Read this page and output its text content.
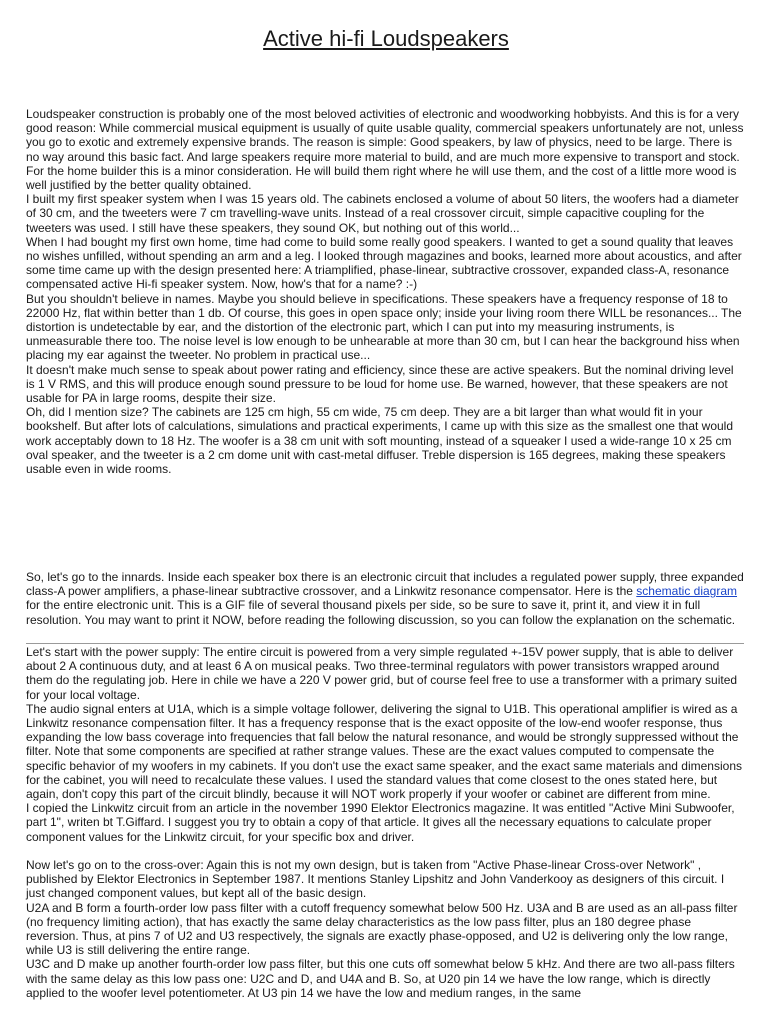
Active hi-fi Loudspeakers

Loudspeaker construction is probably one of the most beloved activities of electronic and woodworking hobbyists. And this is for a very good reason: While commercial musical equipment is usually of quite usable quality, commercial speakers unfortunately are not, unless you go to exotic and extremely expensive brands. The reason is simple: Good speakers, by law of physics, need to be large. There is no way around this basic fact. And large speakers require more material to build, and are much more expensive to transport and stock.

For the home builder this is a minor consideration. He will build them right where he will use them, and the cost of a little more wood is well justified by the better quality obtained.

I built my first speaker system when I was 15 years old. The cabinets enclosed a volume of about 50 liters, the woofers had a diameter of 30 cm, and the tweeters were 7 cm travelling-wave units. Instead of a real crossover circuit, simple capacitive coupling for the tweeters was used. I still have these speakers, they sound OK, but nothing out of this world...

When I had bought my first own home, time had come to build some really good speakers. I wanted to get a sound quality that leaves no wishes unfilled, without spending an arm and a leg. I looked through magazines and books, learned more about acoustics, and after some time came up with the design presented here: A triamplified, phase-linear, subtractive crossover, expanded class-A, resonance compensated active Hi-fi speaker system. Now, how's that for a name? :-)

But you shouldn't believe in names. Maybe you should believe in specifications. These speakers have a frequency response of 18 to 22000 Hz, flat within better than 1 db. Of course, this goes in open space only; inside your living room there WILL be resonances... The distortion is undetectable by ear, and the distortion of the electronic part, which I can put into my measuring instruments, is unmeasurable there too. The noise level is low enough to be unhearable at more than 30 cm, but I can hear the background hiss when placing my ear against the tweeter. No problem in practical use...

It doesn't make much sense to speak about power rating and efficiency, since these are active speakers. But the nominal driving level is 1 V RMS, and this will produce enough sound pressure to be loud for home use. Be warned, however, that these speakers are not usable for PA in large rooms, despite their size.

Oh, did I mention size? The cabinets are 125 cm high, 55 cm wide, 75 cm deep. They are a bit larger than what would fit in your bookshelf. But after lots of calculations, simulations and practical experiments, I came up with this size as the smallest one that would work acceptably down to 18 Hz. The woofer is a 38 cm unit with soft mounting, instead of a squeaker I used a wide-range 10 x 25 cm oval speaker, and the tweeter is a 2 cm dome unit with cast-metal diffuser. Treble dispersion is 165 degrees, making these speakers usable even in wide rooms.

So, let's go to the innards. Inside each speaker box there is an electronic circuit that includes a regulated power supply, three expanded class-A power amplifiers, a phase-linear subtractive crossover, and a Linkwitz resonance compensator. Here is the schematic diagram for the entire electronic unit. This is a GIF file of several thousand pixels per side, so be sure to save it, print it, and view it in full resolution. You may want to print it NOW, before reading the following discussion, so you can follow the explanation on the schematic.

Let's start with the power supply: The entire circuit is powered from a very simple regulated +-15V power supply, that is able to deliver about 2 A continuous duty, and at least 6 A on musical peaks. Two three-terminal regulators with power transistors wrapped around them do the regulating job. Here in chile we have a 220 V power grid, but of course feel free to use a transformer with a primary suited for your local voltage.

The audio signal enters at U1A, which is a simple voltage follower, delivering the signal to U1B. This operational amplifier is wired as a Linkwitz resonance compensation filter. It has a frequency response that is the exact opposite of the low-end woofer response, thus expanding the low bass coverage into frequencies that fall below the natural resonance, and would be strongly suppressed without the filter. Note that some components are specified at rather strange values. These are the exact values computed to compensate the specific behavior of my woofers in my cabinets. If you don't use the exact same speaker, and the exact same materials and dimensions for the cabinet, you will need to recalculate these values. I used the standard values that come closest to the ones stated here, but again, don't copy this part of the circuit blindly, because it will NOT work properly if your woofer or cabinet are different from mine.

I copied the Linkwitz circuit from an article in the november 1990 Elektor Electronics magazine. It was entitled "Active Mini Subwoofer, part 1", writen bt T.Giffard. I suggest you try to obtain a copy of that article. It gives all the necessary equations to calculate proper component values for the Linkwitz circuit, for your specific box and driver.

Now let's go on to the cross-over: Again this is not my own design, but is taken from "Active Phase-linear Cross-over Network" , published by Elektor Electronics in September 1987. It mentions Stanley Lipshitz and John Vanderkooy as designers of this circuit. I just changed component values, but kept all of the basic design.

U2A and B form a fourth-order low pass filter with a cutoff frequency somewhat below 500 Hz. U3A and B are used as an all-pass filter (no frequency limiting action), that has exactly the same delay characteristics as the low pass filter, plus an 180 degree phase reversion. Thus, at pins 7 of U2 and U3 respectively, the signals are exactly phase-opposed, and U2 is delivering only the low range, while U3 is still delivering the entire range.

U3C and D make up another fourth-order low pass filter, but this one cuts off somewhat below 5 kHz. And there are two all-pass filters with the same delay as this low pass one: U2C and D, and U4A and B. So, at U20 pin 14 we have the low range, which is directly applied to the woofer level potentiometer. At U3 pin 14 we have the low and medium ranges, in the same
